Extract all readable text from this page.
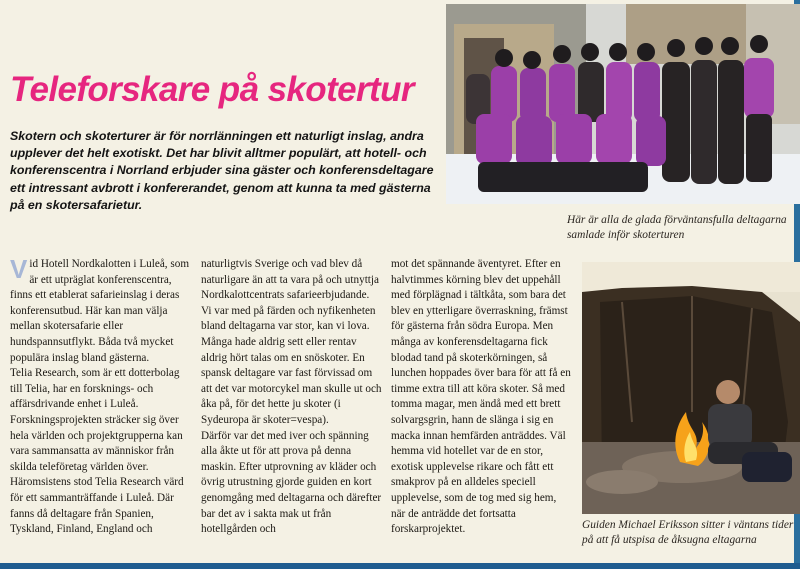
Teleforskare på skotertur

Skotern och skoterturer är för norrlänningen ett naturligt inslag, andra upplever det helt exotiskt. Det har blivit alltmer populärt, att hotell- och konferenscentra i Norrland erbjuder sina gäster och konferensdeltagare ett intressant avbrott i konfererandet, genom att kunna ta med gästerna på en skotersafarietur.

V id Hotell Nordkalotten i Luleå, som är ett utpräglat konferenscentra, finns ett etablerat safarieinslag i deras konferensutbud. Här kan man välja mellan skotersafarie eller hundspannsutflykt. Båda två mycket populära inslag bland gästerna.

Telia Research, som är ett dotterbolag till Telia, har en forsknings- och affärsdrivande enhet i Luleå. Forskningsprojekten sträcker sig över hela världen och projektgrupperna kan vara sammansatta av människor från skilda teleföretag världen över. Häromsistens stod Telia Research värd för ett sammanträffande i Luleå. Där fanns då deltagare från Spanien, Tyskland, Finland, England och

naturligtvis Sverige och vad blev då naturligare än att ta vara på och utnyttja Nordkalottcentrats safarieerbjudande.

Vi var med på färden och nyfikenheten bland deltagarna var stor, kan vi lova. Många hade aldrig sett eller rentav aldrig hört talas om en snöskoter. En spansk deltagare var fast förvissad om att det var motorcykel man skulle ut och åka på, för det hette ju skoter (i Sydeuropa är skoter=vespa).

Därför var det med iver och spänning alla åkte ut för att prova på denna maskin. Efter utprovning av kläder och övrig utrustning gjorde guiden en kort genomgång med deltagarna och därefter bar det av i sakta mak ut från hotellgården och

mot det spännande äventyret. Efter en halvtimmes körning blev det uppehåll med förplägnad i tältkåta, som bara det blev en ytterligare överraskning, främst för gästerna från södra Europa. Men många av konferensdeltagarna fick blodad tand på skoterkörningen, så lunchen hoppades över bara för att få en timme extra till att köra skoter. Så med tomma magar, men ändå med ett brett solvargsgrin, hann de slänga i sig en macka innan hemfärden anträddes. Väl hemma vid hotellet var de en stor, exotisk upplevelse rikare och fått ett smakprov på en alldeles speciell upplevelse, som de tog med sig hem, när de anträdde det fortsatta forskarprojektet.

Här är alla de glada förväntansfulla deltagarna samlade inför skoterturen

Guiden Michael Eriksson sitter i väntans tider på att få utspisa de åksugna eltagarna
